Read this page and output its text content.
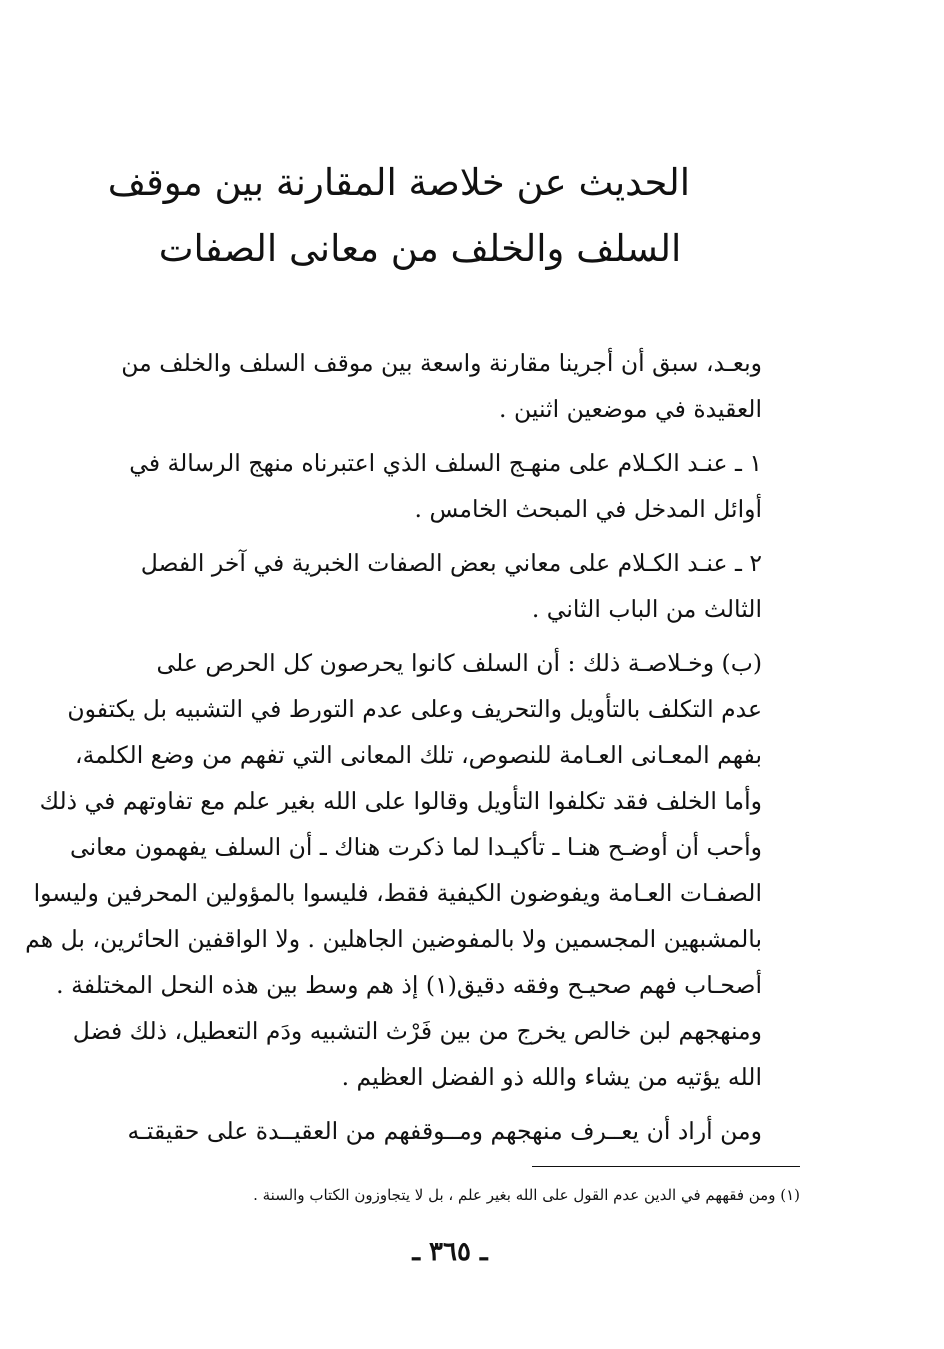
الحديث عن خلاصة المقارنة بين موقف
السلف والخلف من معانى الصفات

وبعـد، سبق أن أجرينا مقارنة واسعة بين موقف السلف والخلف من
العقيدة في موضعين اثنين .

١ ـ عنـد الكـلام على منهـج السلف الذي اعتبرناه منهج الرسالة في
أوائل المدخل في المبحث الخامس .

٢ ـ عنـد الكـلام على معاني بعض الصفات الخبرية في آخر الفصل
الثالث من الباب الثاني .

(ب) وخـلاصـة ذلك : أن السلف كانوا يحرصون كل الحرص على
عدم التكلف بالتأويل والتحريف وعلى عدم التورط في التشبيه بل يكتفون
بفهم المعـانى العـامة للنصوص، تلك المعانى التي تفهم من وضع الكلمة،
وأما الخلف فقد تكلفوا التأويل وقالوا على الله بغير علم مع تفاوتهم في ذلك
وأحب أن أوضـح هنـا ـ تأكيـدا لما ذكرت هناك ـ أن السلف يفهمون معانى
الصفـات العـامة ويفوضون الكيفية فقط، فليسوا بالمؤولين المحرفين وليسوا
بالمشبهين المجسمين ولا بالمفوضين الجاهلين . ولا الواقفين الحائرين، بل هم
أصحـاب فهم صحيـح وفقه دقيق(١) إذ هم وسط بين هذه النحل المختلفة .
ومنهجهم لبن خالص يخرج من بين فَرْث التشبيه ودَم التعطيل، ذلك فضل
الله يؤتيه من يشاء والله ذو الفضل العظيم .

ومن أراد أن يعــرف منهجهم ومــوقفهم من العقيــدة على حقيقتـه

(١) ومن فقههم في الدين عدم القول على الله بغير علم ، بل لا يتجاوزون الكتاب والسنة .
ـ ٣٦٥ ـ
